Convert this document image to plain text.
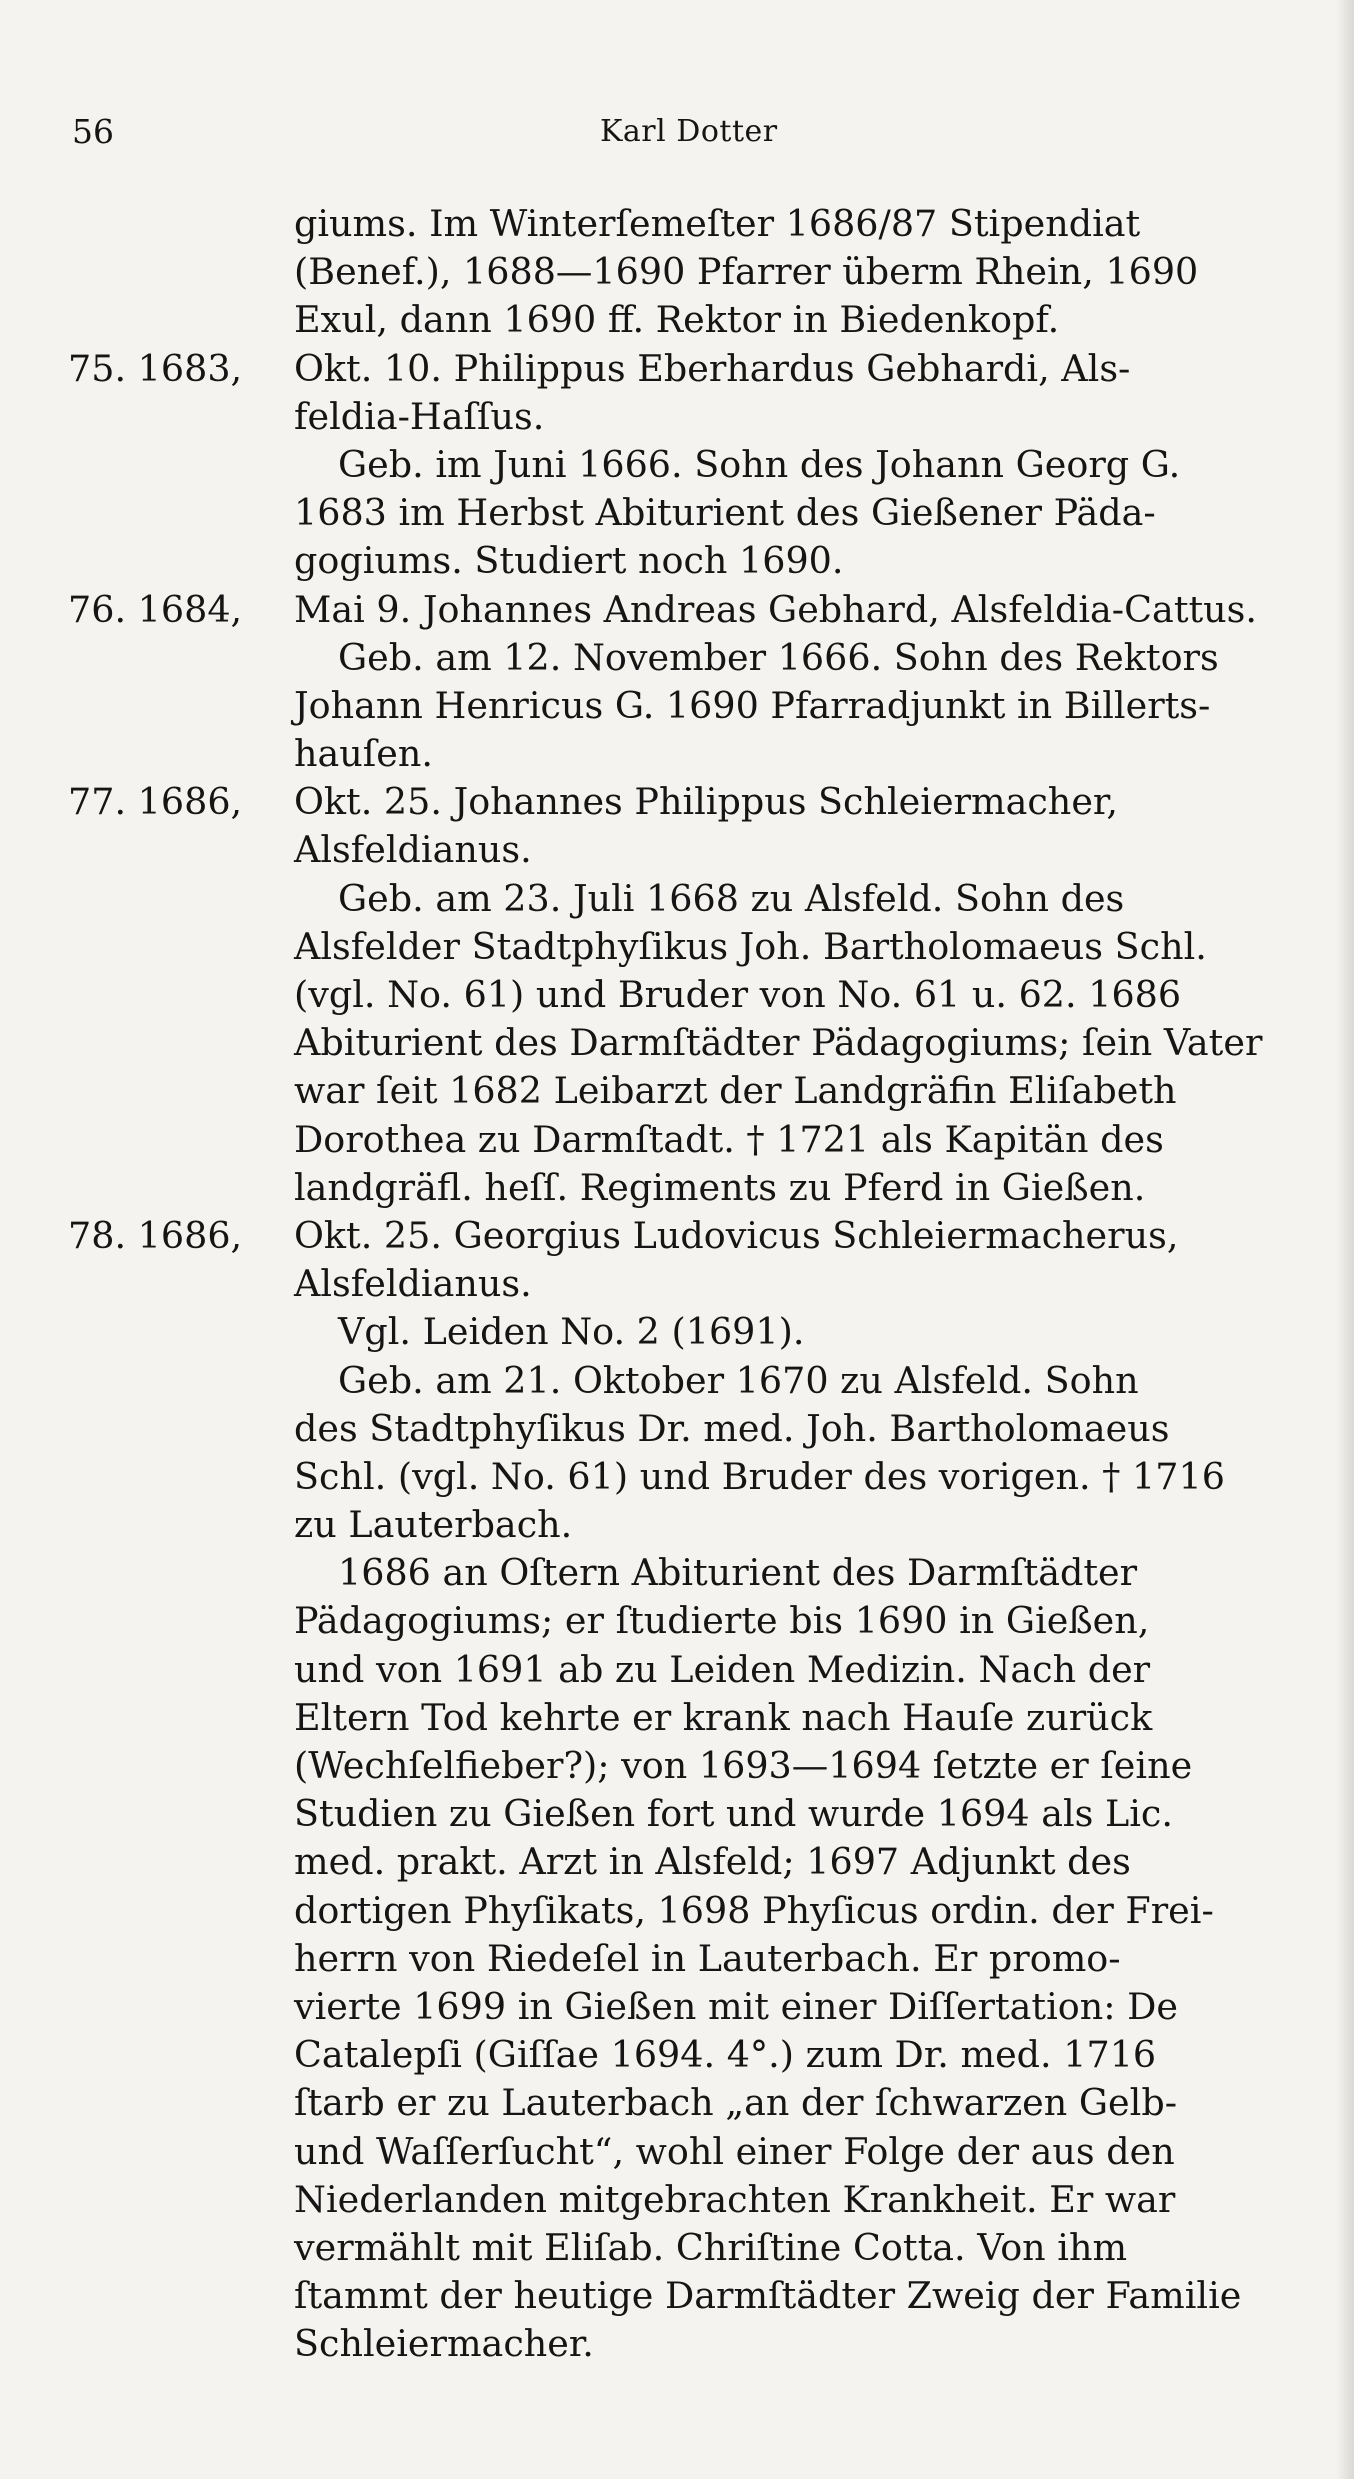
56	Karl Dotter
giums. Im Winterſemeſter 1686/87 Stipendiat
(Benef.), 1688—1690 Pfarrer überm Rhein, 1690
Exul, dann 1690 ff. Rektor in Biedenkopf.
75. 1683, Okt. 10. Philippus Eberhardus Gebhardi, Als-
feldia-Haſſus.
Geb. im Juni 1666. Sohn des Johann Georg G.
1683 im Herbst Abiturient des Gießener Päda-
gogiums. Studiert noch 1690.
76. 1684, Mai 9. Johannes Andreas Gebhard, Alsfeldia-Cattus.
Geb. am 12. November 1666. Sohn des Rektors
Johann Henricus G. 1690 Pfarradjunkt in Billerts-
hauſen.
77. 1686, Okt. 25. Johannes Philippus Schleiermacher,
Alsfeldianus.
Geb. am 23. Juli 1668 zu Alsfeld. Sohn des
Alsfelder Stadtphyſikus Joh. Bartholomaeus Schl.
(vgl. No. 61) und Bruder von No. 61 u. 62. 1686
Abiturient des Darmſtädter Pädagogiums; ſein Vater
war ſeit 1682 Leibarzt der Landgräfin Eliſabeth
Dorothea zu Darmſtadt. † 1721 als Kapitän des
landgräfl. heſſ. Regiments zu Pferd in Gießen.
78. 1686, Okt. 25. Georgius Ludovicus Schleiermacherus,
Alsfeldianus.
Vgl. Leiden No. 2 (1691).
Geb. am 21. Oktober 1670 zu Alsfeld. Sohn
des Stadtphyſikus Dr. med. Joh. Bartholomaeus
Schl. (vgl. No. 61) und Bruder des vorigen. † 1716
zu Lauterbach.
1686 an Oſtern Abiturient des Darmſtädter
Pädagogiums; er ſtudierte bis 1690 in Gießen,
und von 1691 ab zu Leiden Medizin. Nach der
Eltern Tod kehrte er krank nach Hauſe zurück
(Wechſelfieber?); von 1693—1694 ſetzte er ſeine
Studien zu Gießen fort und wurde 1694 als Lic.
med. prakt. Arzt in Alsfeld; 1697 Adjunkt des
dortigen Phyſikats, 1698 Phyſicus ordin. der Frei-
herrn von Riedeſel in Lauterbach. Er promo-
vierte 1699 in Gießen mit einer Diſſertation: De
Catalepſi (Giſſae 1694. 4°.) zum Dr. med. 1716
ſtarb er zu Lauterbach „an der ſchwarzen Gelb-
und Waſſerſucht“, wohl einer Folge der aus den
Niederlanden mitgebrachten Krankheit. Er war
vermählt mit Eliſab. Chriſtine Cotta. Von ihm
ſtammt der heutige Darmſtädter Zweig der Familie
Schleiermacher.
